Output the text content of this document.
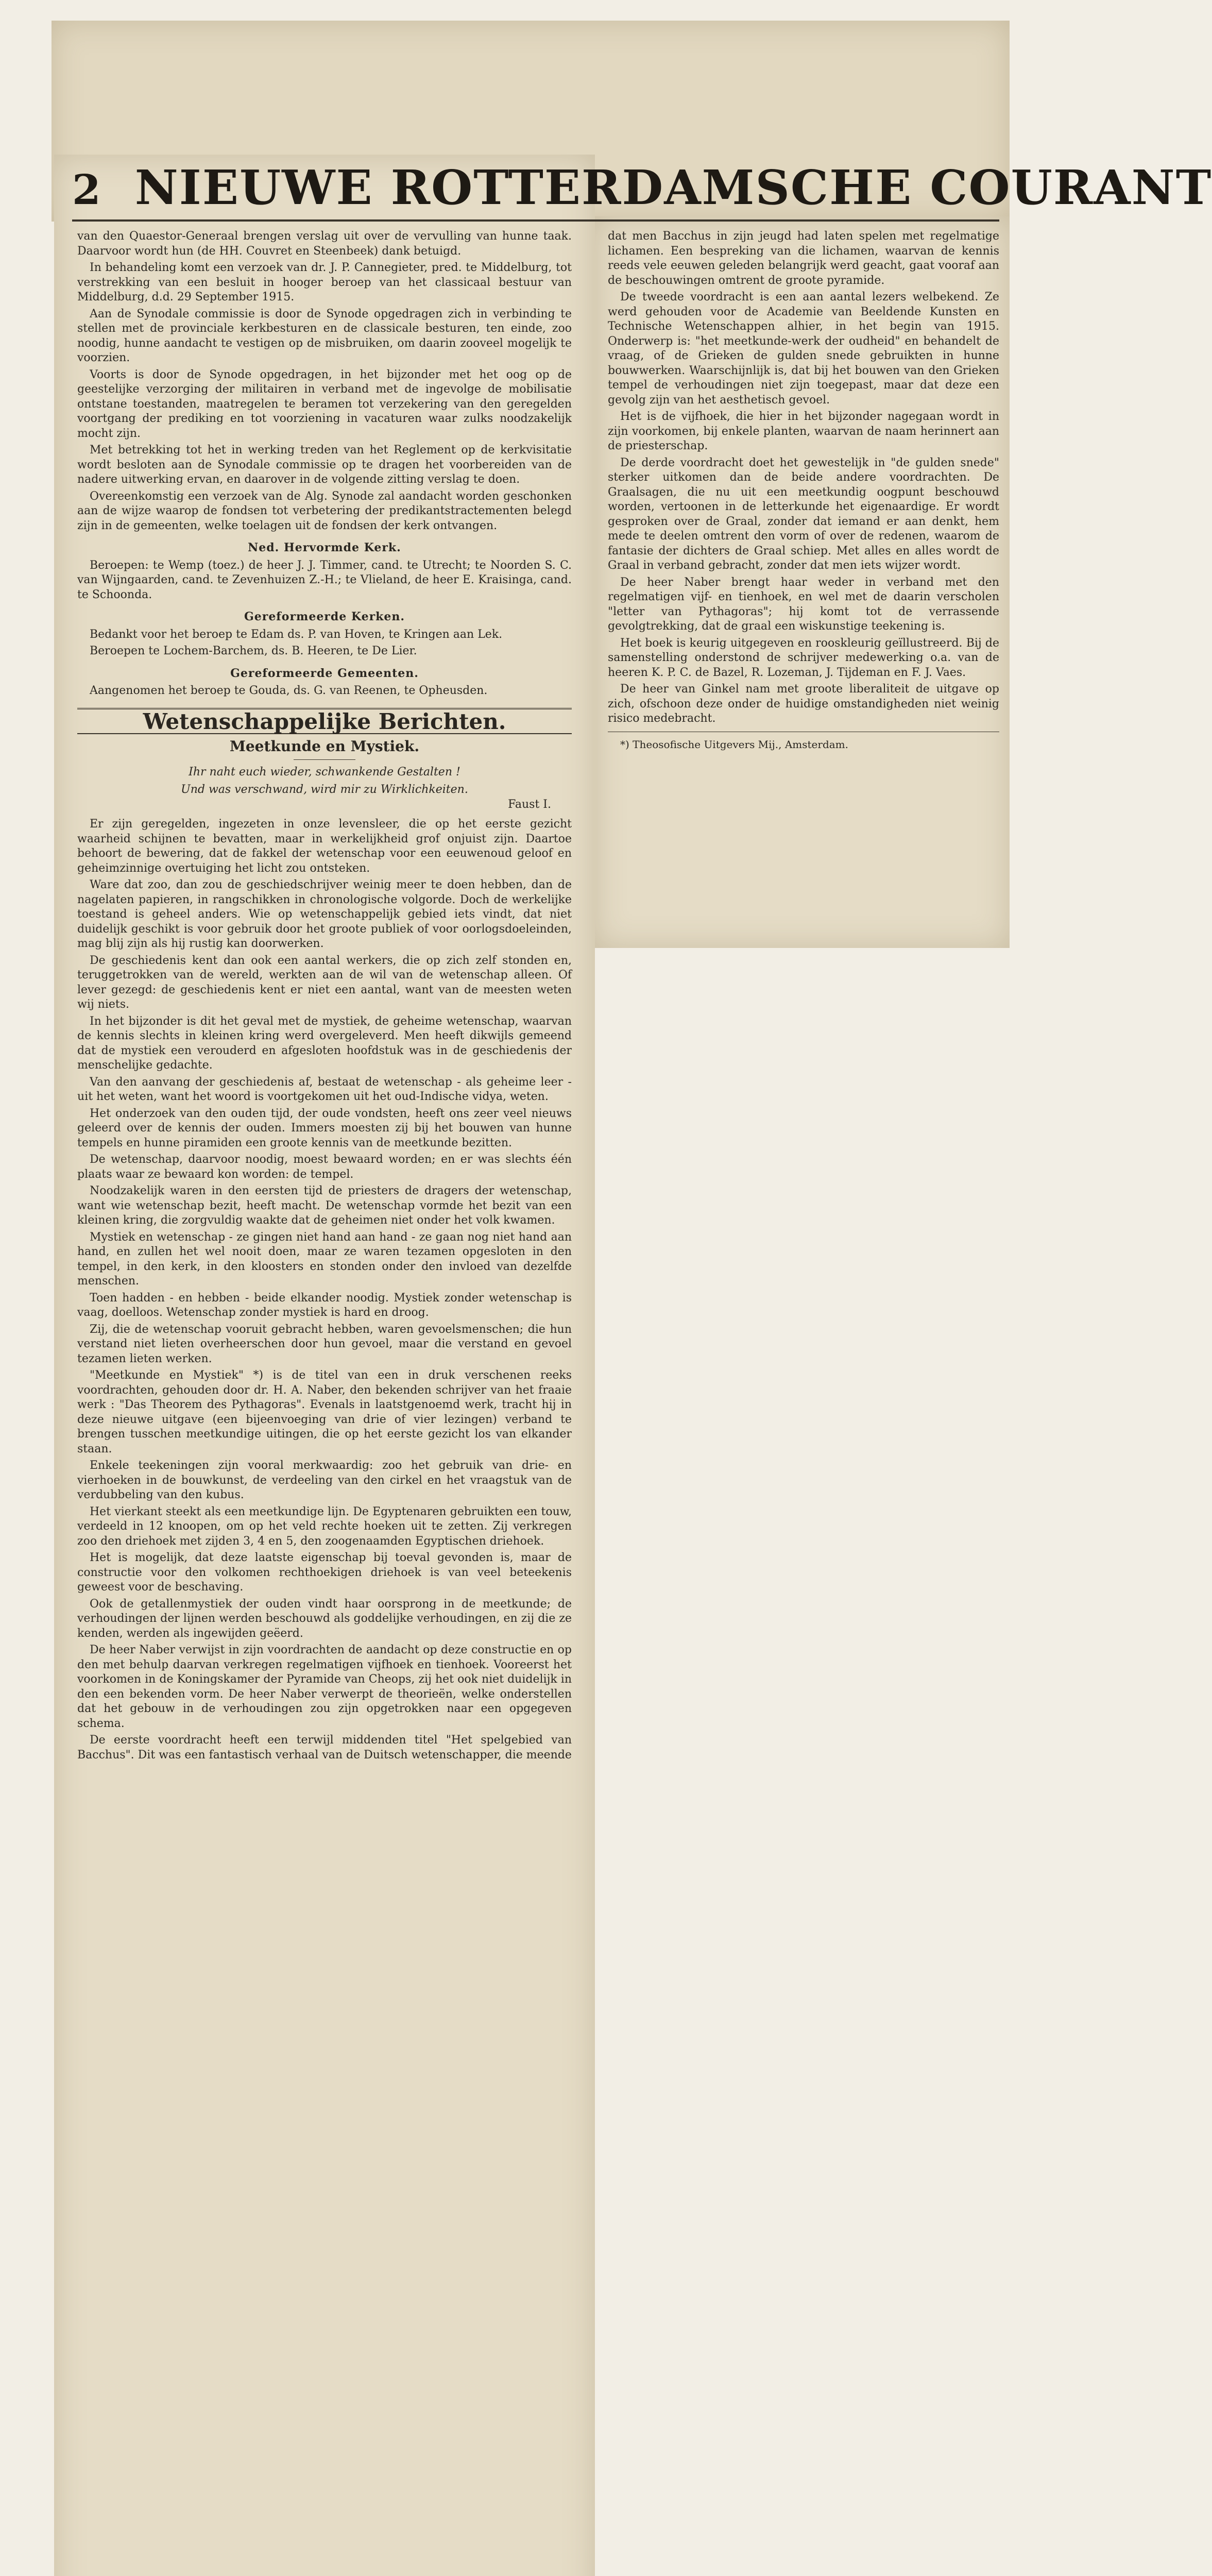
2 NIEUWE ROTTERDAMSCHE COURANT

van den Quaestor-Generaal brengen verslag uit over de vervulling van hunne taak. Daarvoor wordt hun (de HH. Couvret en Steenbeek) dank betuigd.

In behandeling komt een verzoek van dr. J. P. Cannegieter, pred. te Middelburg, tot verstrekking van een besluit in hooger beroep van het classicaal bestuur van Middelburg, d.d. 29 September 1915.

Aan de Synodale commissie is door de Synode opgedragen zich in verbinding te stellen met de provinciale kerkbesturen en de classicale besturen, ten einde, zoo noodig, hunne aandacht te vestigen op de misbruiken, om daarin zooveel mogelijk te voorzien.

Voorts is door de Synode opgedragen, in het bijzonder met het oog op de geestelijke verzorging der militairen in verband met de ingevolge de mobilisatie ontstane toestanden, maatregelen te beramen tot verzekering van den geregelden voortgang der prediking en tot voorziening in vacaturen waar zulks noodzakelijk mocht zijn.

Met betrekking tot het in werking treden van het Reglement op de kerkvisitatie wordt besloten aan de Synodale commissie op te dragen het voorbereiden van de nadere uitwerking ervan, en daarover in de volgende zitting verslag te doen.

Overeenkomstig een verzoek van de Alg. Synode zal aandacht worden geschonken aan de wijze waarop de fondsen tot verbetering der predikantstractementen belegd zijn in de gemeenten, welke toelagen uit de fondsen der kerk ontvangen.

Ned. Hervormde Kerk.

Beroepen: te Wemp (toez.) de heer J. J. Timmer, cand. te Utrecht; te Noorden S. C. van Wijngaarden, cand. te Zevenhuizen Z.-H.; te Vlieland, de heer E. Kraisinga, cand. te Schoonda.

Gereformeerde Kerken.

Bedankt voor het beroep te Edam ds. P. van Hoven, te Kringen aan Lek.

Beroepen te Lochem-Barchem, ds. B. Heeren, te De Lier.

Gereformeerde Gemeenten.

Aangenomen het beroep te Gouda, ds. G. van Reenen, te Opheusden.

Wetenschappelijke Berichten.
Meetkunde en Mystiek.
Ihr naht euch wieder, schwankende Gestalten !
Und was verschwand, wird mir zu Wirklichkeiten.
Faust I.

Er zijn geregelden, ingezeten in onze levensleer, die op het eerste gezicht waarheid schijnen te bevatten, maar in werkelijkheid grof onjuist zijn. Daartoe behoort de bewering, dat de fakkel der wetenschap voor een eeuwenoud geloof en geheimzinnige overtuiging het licht zou ontsteken.

Ware dat zoo, dan zou de geschiedschrijver weinig meer te doen hebben, dan de nagelaten papieren, in rangschikken in chronologische volgorde. Doch de werkelijke toestand is geheel anders. Wie op wetenschappelijk gebied iets vindt, dat niet duidelijk geschikt is voor gebruik door het groote publiek of voor oorlogsdoeleinden, mag blij zijn als hij rustig kan doorwerken.

De geschiedenis kent dan ook een aantal werkers, die op zich zelf stonden en, teruggetrokken van de wereld, werkten aan de wil van de wetenschap alleen. Of lever gezegd: de geschiedenis kent er niet een aantal, want van de meesten weten wij niets.

In het bijzonder is dit het geval met de mystiek, de geheime wetenschap, waarvan de kennis slechts in kleinen kring werd overgeleverd. Men heeft dikwijls gemeend dat de mystiek een verouderd en afgesloten hoofdstuk was in de geschiedenis der menschelijke gedachte.

Van den aanvang der geschiedenis af, bestaat de wetenschap - als geheime leer - uit het weten, want het woord is voortgekomen uit het oud-Indische vidya, weten.

Het onderzoek van den ouden tijd, der oude vondsten, heeft ons zeer veel nieuws geleerd over de kennis der ouden. Immers moesten zij bij het bouwen van hunne tempels en hunne piramiden een groote kennis van de meetkunde bezitten.

De wetenschap, daarvoor noodig, moest bewaard worden; en er was slechts één plaats waar ze bewaard kon worden: de tempel.

Noodzakelijk waren in den eersten tijd de priesters de dragers der wetenschap, want wie wetenschap bezit, heeft macht. De wetenschap vormde het bezit van een kleinen kring, die zorgvuldig waakte dat de geheimen niet onder het volk kwamen.

Mystiek en wetenschap - ze gingen niet hand aan hand - ze gaan nog niet hand aan hand, en zullen het wel nooit doen, maar ze waren tezamen opgesloten in den tempel, in den kerk, in den kloosters en stonden onder den invloed van dezelfde menschen.

Toen hadden - en hebben - beide elkander noodig. Mystiek zonder wetenschap is vaag, doelloos. Wetenschap zonder mystiek is hard en droog.

Zij, die de wetenschap vooruit gebracht hebben, waren gevoelsmenschen; die hun verstand niet lieten overheerschen door hun gevoel, maar die verstand en gevoel tezamen lieten werken.

"Meetkunde en Mystiek" *) is de titel van een in druk verschenen reeks voordrachten, gehouden door dr. H. A. Naber, den bekenden schrijver van het fraaie werk : "Das Theorem des Pythagoras". Evenals in laatstgenoemd werk, tracht hij in deze nieuwe uitgave (een bijeenvoeging van drie of vier lezingen) verband te brengen tusschen meetkundige uitingen, die op het eerste gezicht los van elkander staan.

Enkele teekeningen zijn vooral merkwaardig: zoo het gebruik van drie- en vierhoeken in de bouwkunst, de verdeeling van den cirkel en het vraagstuk van de verdubbeling van den kubus.

Het vierkant steekt als een meetkundige lijn. De Egyptenaren gebruikten een touw, verdeeld in 12 knoopen, om op het veld rechte hoeken uit te zetten. Zij verkregen zoo den driehoek met zijden 3, 4 en 5, den zoogenaamden Egyptischen driehoek.

Het is mogelijk, dat deze laatste eigenschap bij toeval gevonden is, maar de constructie voor den volkomen rechthoekigen driehoek is van veel beteekenis geweest voor de beschaving.

Ook de getallenmystiek der ouden vindt haar oorsprong in de meetkunde; de verhoudingen der lijnen werden beschouwd als goddelijke verhoudingen, en zij die ze kenden, werden als ingewijden geëerd.

De heer Naber verwijst in zijn voordrachten de aandacht op deze constructie en op den met behulp daarvan verkregen regelmatigen vijfhoek en tienhoek. Vooreerst het voorkomen in de Koningskamer der Pyramide van Cheops, zij het ook niet duidelijk in den een bekenden vorm. De heer Naber verwerpt de theorieën, welke onderstellen dat het gebouw in de verhoudingen zou zijn opgetrokken naar een opgegeven schema.

De eerste voordracht heeft een terwijl middenden titel "Het spelgebied van Bacchus". Dit was een fantastisch verhaal van de Duitsch wetenschapper, die meende

dat men Bacchus in zijn jeugd had laten spelen met regelmatige lichamen. Een bespreking van die lichamen, waarvan de kennis reeds vele eeuwen geleden belangrijk werd geacht, gaat vooraf aan de beschouwingen omtrent de groote pyramide.

De tweede voordracht is een aan aantal lezers welbekend. Ze werd gehouden voor de Academie van Beeldende Kunsten en Technische Wetenschappen alhier, in het begin van 1915. Onderwerp is: "het meetkunde-werk der oudheid" en behandelt de vraag, of de Grieken de gulden snede gebruikten in hunne bouwwerken. Waarschijnlijk is, dat bij het bouwen van den Grieken tempel de verhoudingen niet zijn toegepast, maar dat deze een gevolg zijn van het aesthetisch gevoel.

Het is de vijfhoek, die hier in het bijzonder nagegaan wordt in zijn voorkomen, bij enkele planten, waarvan de naam herinnert aan de priesterschap.

De derde voordracht doet het gewestelijk in "de gulden snede" sterker uitkomen dan de beide andere voordrachten. De Graalsagen, die nu uit een meetkundig oogpunt beschouwd worden, vertoonen in de letterkunde het eigenaardige. Er wordt gesproken over de Graal, zonder dat iemand er aan denkt, hem mede te deelen omtrent den vorm of over de redenen, waarom de fantasie der dichters de Graal schiep. Met alles en alles wordt de Graal in verband gebracht, zonder dat men iets wijzer wordt.

De heer Naber brengt haar weder in verband met den regelmatigen vijf- en tienhoek, en wel met de daarin verscholen "letter van Pythagoras"; hij komt tot de verrassende gevolgtrekking, dat de graal een wiskunstige teekening is.

Het boek is keurig uitgegeven en rooskleurig geïllustreerd. Bij de samenstelling onderstond de schrijver medewerking o.a. van de heeren K. P. C. de Bazel, R. Lozeman, J. Tijdeman en F. J. Vaes.

De heer van Ginkel nam met groote liberaliteit de uitgave op zich, ofschoon deze onder de huidige omstandigheden niet weinig risico medebracht.

*) Theosofische Uitgevers Mij., Amsterdam.
